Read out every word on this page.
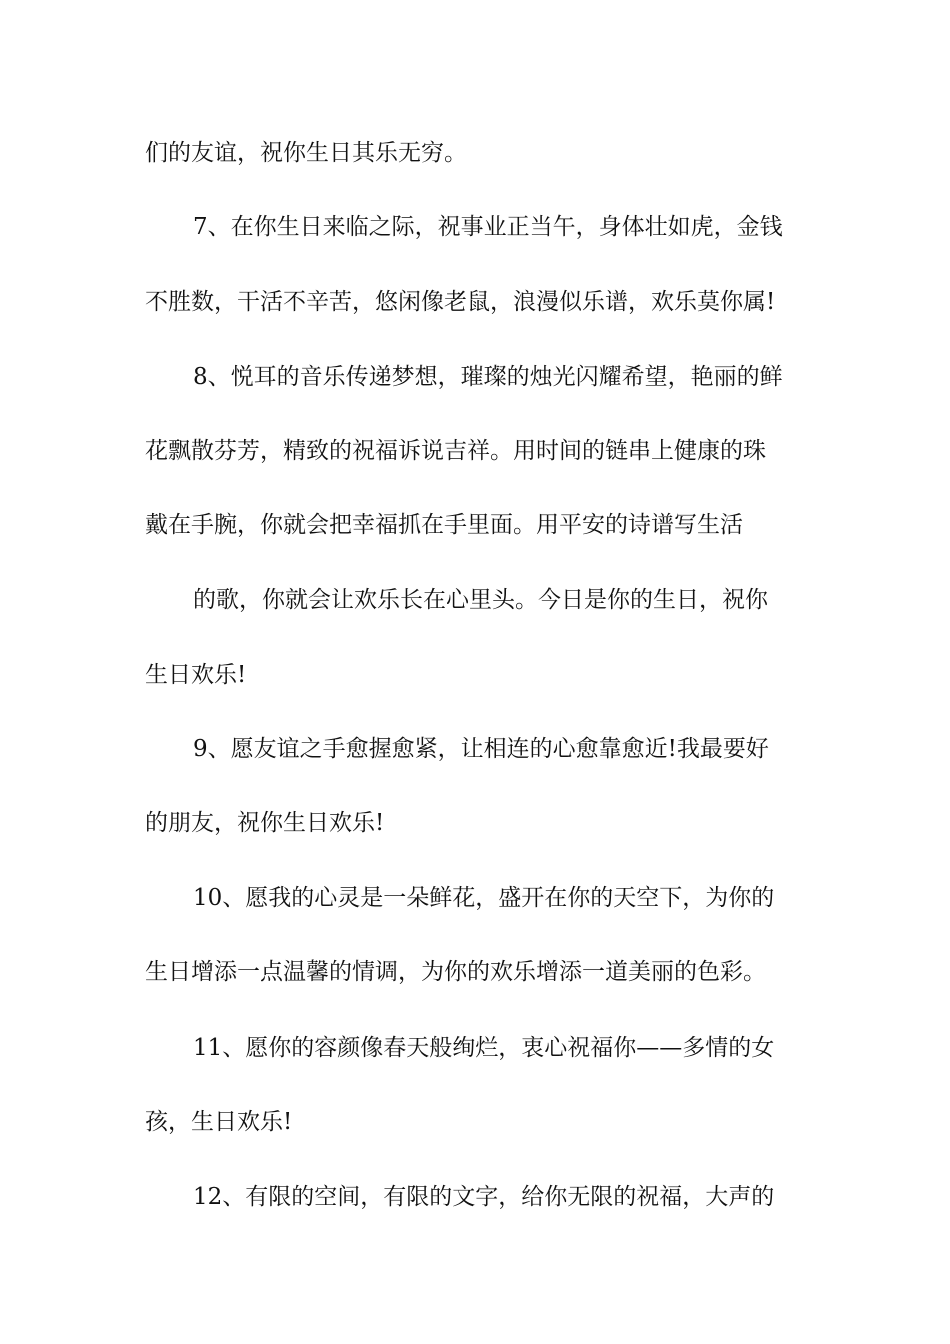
们的友谊，祝你生日其乐无穷。
7、在你生日来临之际，祝事业正当午，身体壮如虎，金钱
不胜数，干活不辛苦，悠闲像老鼠，浪漫似乐谱，欢乐莫你属!
8、悦耳的音乐传递梦想，璀璨的烛光闪耀希望，艳丽的鲜
花飘散芬芳，精致的祝福诉说吉祥。用时间的链串上健康的珠
戴在手腕，你就会把幸福抓在手里面。用平安的诗谱写生活
的歌，你就会让欢乐长在心里头。今日是你的生日，祝你
生日欢乐!
9、愿友谊之手愈握愈紧，让相连的心愈靠愈近!我最要好
的朋友，祝你生日欢乐!
10、愿我的心灵是一朵鲜花，盛开在你的天空下，为你的
生日增添一点温馨的情调，为你的欢乐增添一道美丽的色彩。
11、愿你的容颜像春天般绚烂，衷心祝福你——多情的女
孩，生日欢乐!
12、有限的空间，有限的文字，给你无限的祝福，大声的
